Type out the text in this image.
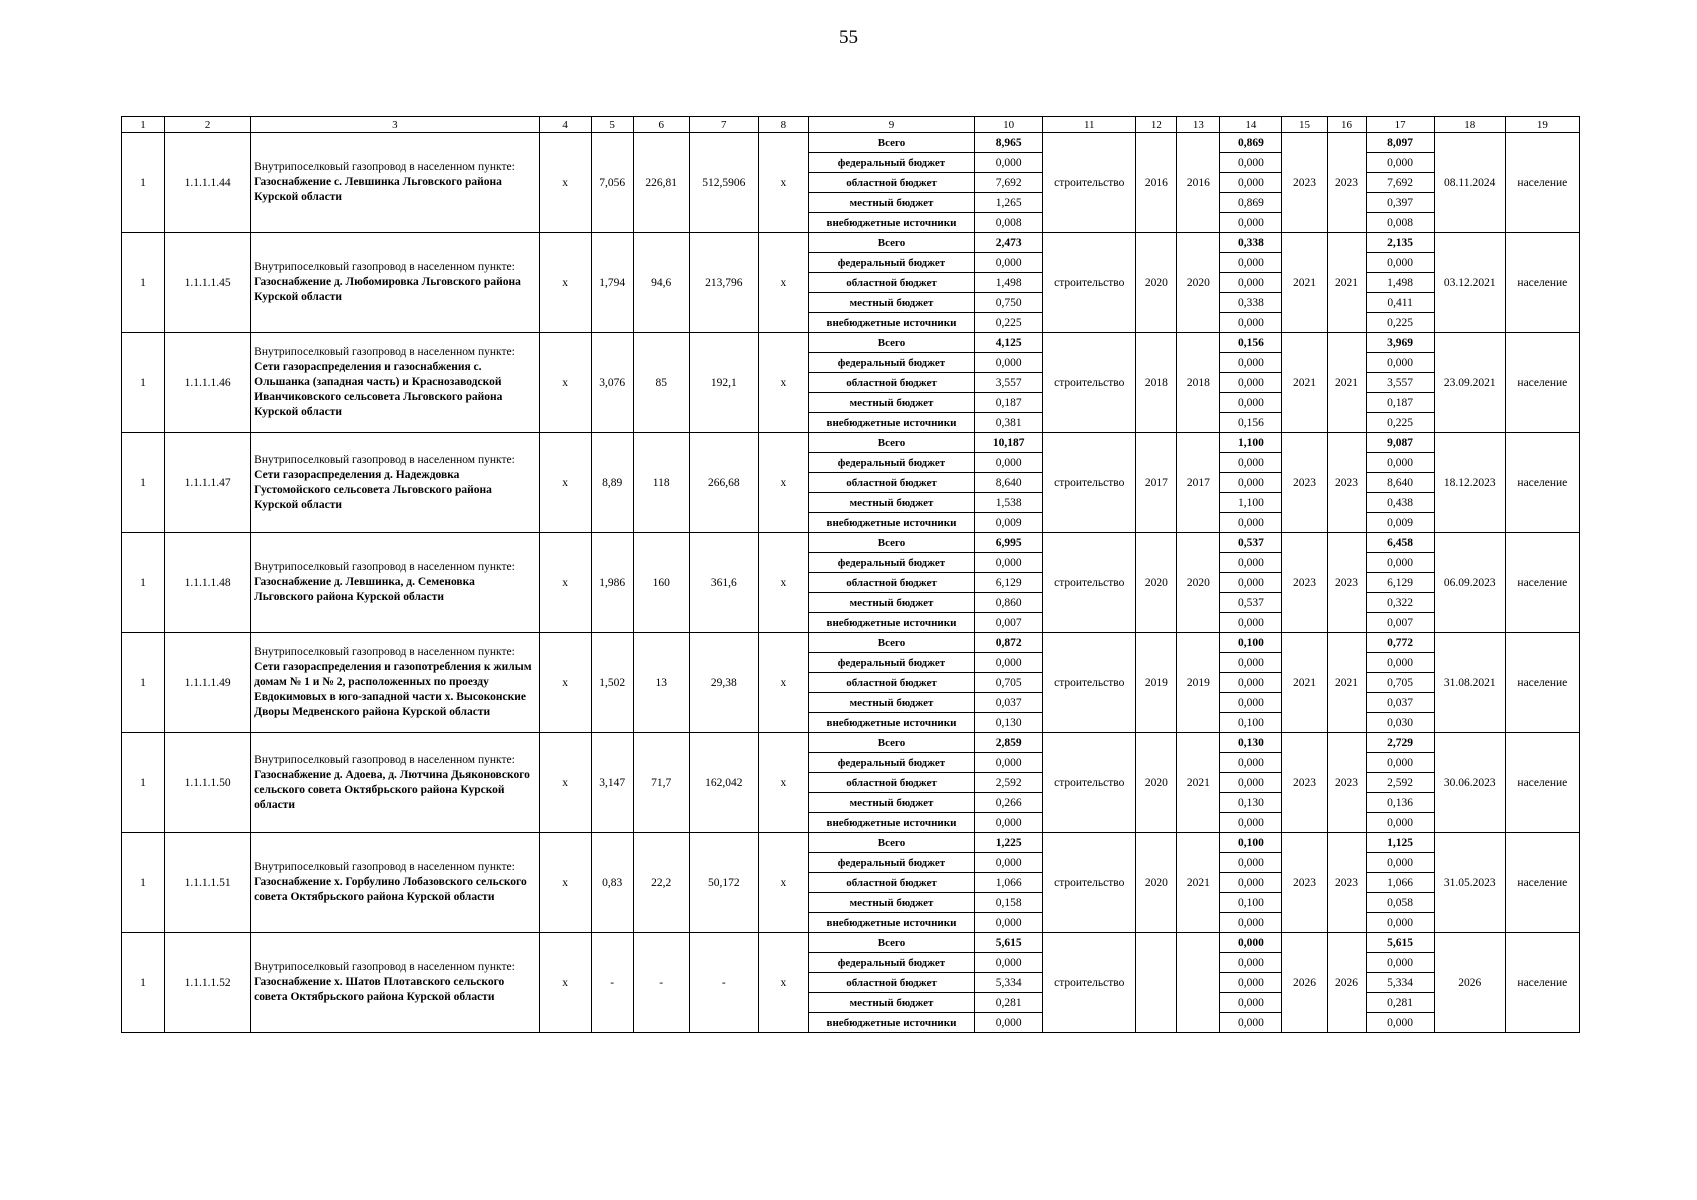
55
1	2	3	4	5	6	7	8	9	10	11	12	13	14	15	16	17	18	19
1	1.1.1.1.44	Внутрипоселковый газопровод в населенном пункте:
Газоснабжение с. Левшинка Льговского района Курской области	х	7,056	226,81	512,5906	х	Всего	8,965	строительство	2016	2016	0,869	2023	2023	8,097	08.11.2024	население
								федеральный бюджет	0,000				0,000			0,000		
								областной бюджет	7,692				0,000			7,692		
								местный бюджет	1,265				0,869			0,397		
								внебюджетные источники	0,008				0,000			0,008		
1	1.1.1.1.45	Внутрипоселковый газопровод в населенном пункте:
Газоснабжение д. Любомировка Льговского района Курской области	х	1,794	94,6	213,796	х	Всего	2,473	строительство	2020	2020	0,338	2021	2021	2,135	03.12.2021	население
								федеральный бюджет	0,000				0,000			0,000		
								областной бюджет	1,498				0,000			1,498		
								местный бюджет	0,750				0,338			0,411		
								внебюджетные источники	0,225				0,000			0,225		
1	1.1.1.1.46	Внутрипоселковый газопровод в населенном пункте:
Сети газораспределения и газоснабжения с. Ольшанка (западная часть) и Краснозаводской Иванчиковского сельсовета Льговского района Курской области	х	3,076	85	192,1	х	Всего	4,125	строительство	2018	2018	0,156	2021	2021	3,969	23.09.2021	население
								федеральный бюджет	0,000				0,000			0,000		
								областной бюджет	3,557				0,000			3,557		
								местный бюджет	0,187				0,000			0,187		
								внебюджетные источники	0,381				0,156			0,225		
1	1.1.1.1.47	Внутрипоселковый газопровод в населенном пункте:
Сети газораспределения д. Надеждовка Густомойского сельсовета Льговского района Курской области	х	8,89	118	266,68	х	Всего	10,187	строительство	2017	2017	1,100	2023	2023	9,087	18.12.2023	население
								федеральный бюджет	0,000				0,000			0,000		
								областной бюджет	8,640				0,000			8,640		
								местный бюджет	1,538				1,100			0,438		
								внебюджетные источники	0,009				0,000			0,009		
1	1.1.1.1.48	Внутрипоселковый газопровод в населенном пункте:
Газоснабжение д. Левшинка, д. Семеновка Льговского района Курской области	х	1,986	160	361,6	х	Всего	6,995	строительство	2020	2020	0,537	2023	2023	6,458	06.09.2023	население
								федеральный бюджет	0,000				0,000			0,000		
								областной бюджет	6,129				0,000			6,129		
								местный бюджет	0,860				0,537			0,322		
								внебюджетные источники	0,007				0,000			0,007		
1	1.1.1.1.49	Внутрипоселковый газопровод в населенном пункте:
Сети газораспределения и газопотребления к жилым домам № 1 и № 2, расположенных по проезду Евдокимовых в юго-западной части х. Высоконские Дворы Медвенского района Курской области	х	1,502	13	29,38	х	Всего	0,872	строительство	2019	2019	0,100	2021	2021	0,772	31.08.2021	население
								федеральный бюджет	0,000				0,000			0,000		
								областной бюджет	0,705				0,000			0,705		
								местный бюджет	0,037				0,000			0,037		
								внебюджетные источники	0,130				0,100			0,030		
1	1.1.1.1.50	Внутрипоселковый газопровод в населенном пункте:
Газоснабжение д. Адоева, д. Лютчина Дьяконовского сельского совета Октябрьского района Курской области	х	3,147	71,7	162,042	х	Всего	2,859	строительство	2020	2021	0,130	2023	2023	2,729	30.06.2023	население
								федеральный бюджет	0,000				0,000			0,000		
								областной бюджет	2,592				0,000			2,592		
								местный бюджет	0,266				0,130			0,136		
								внебюджетные источники	0,000				0,000			0,000		
1	1.1.1.1.51	Внутрипоселковый газопровод в населенном пункте:
Газоснабжение х. Горбулино Лобазовского сельского совета Октябрьского района Курской области	х	0,83	22,2	50,172	х	Всего	1,225	строительство	2020	2021	0,100	2023	2023	1,125	31.05.2023	население
								федеральный бюджет	0,000				0,000			0,000		
								областной бюджет	1,066				0,000			1,066		
								местный бюджет	0,158				0,100			0,058		
								внебюджетные источники	0,000				0,000			0,000		
1	1.1.1.1.52	Внутрипоселковый газопровод в населенном пункте:
Газоснабжение х. Шатов Плотавского сельского совета Октябрьского района Курской области	х	-	-	-	х	Всего	5,615	строительство			0,000	2026	2026	5,615	2026	население
								федеральный бюджет	0,000				0,000			0,000		
								областной бюджет	5,334				0,000			5,334		
								местный бюджет	0,281				0,000			0,281		
								внебюджетные источники	0,000				0,000			0,000		
